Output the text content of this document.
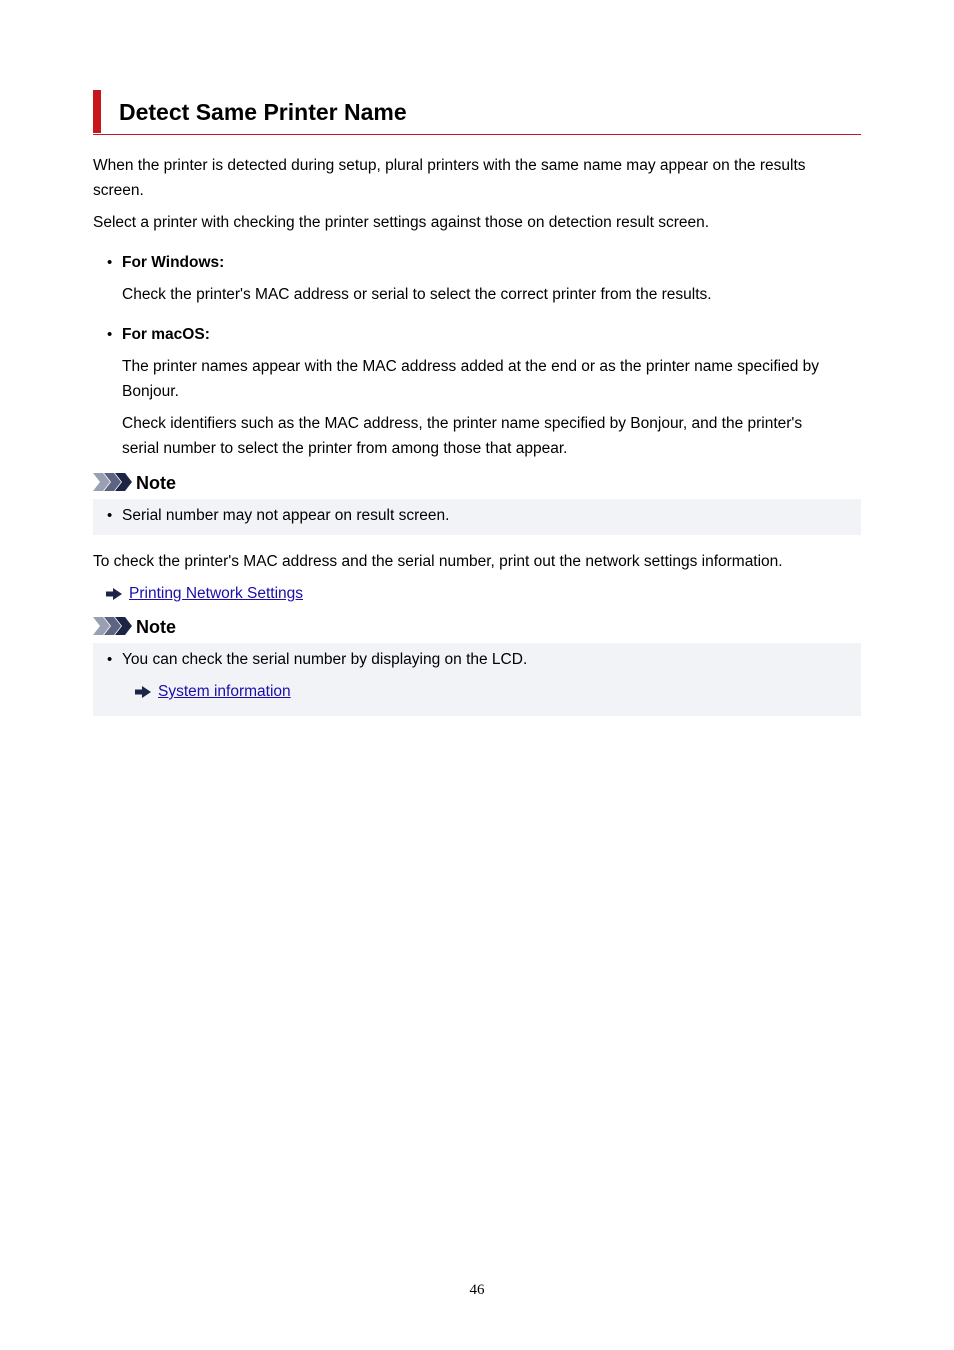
Detect Same Printer Name

When the printer is detected during setup, plural printers with the same name may appear on the results
screen.

Select a printer with checking the printer settings against those on detection result screen.

• For Windows:

Check the printer's MAC address or serial to select the correct printer from the results.

• For macOS:

The printer names appear with the MAC address added at the end or as the printer name specified by
Bonjour.

Check identifiers such as the MAC address, the printer name specified by Bonjour, and the printer's
serial number to select the printer from among those that appear.

Note
• Serial number may not appear on result screen.

To check the printer's MAC address and the serial number, print out the network settings information.

Printing Network Settings
Note
• You can check the serial number by displaying on the LCD.

System information
46
